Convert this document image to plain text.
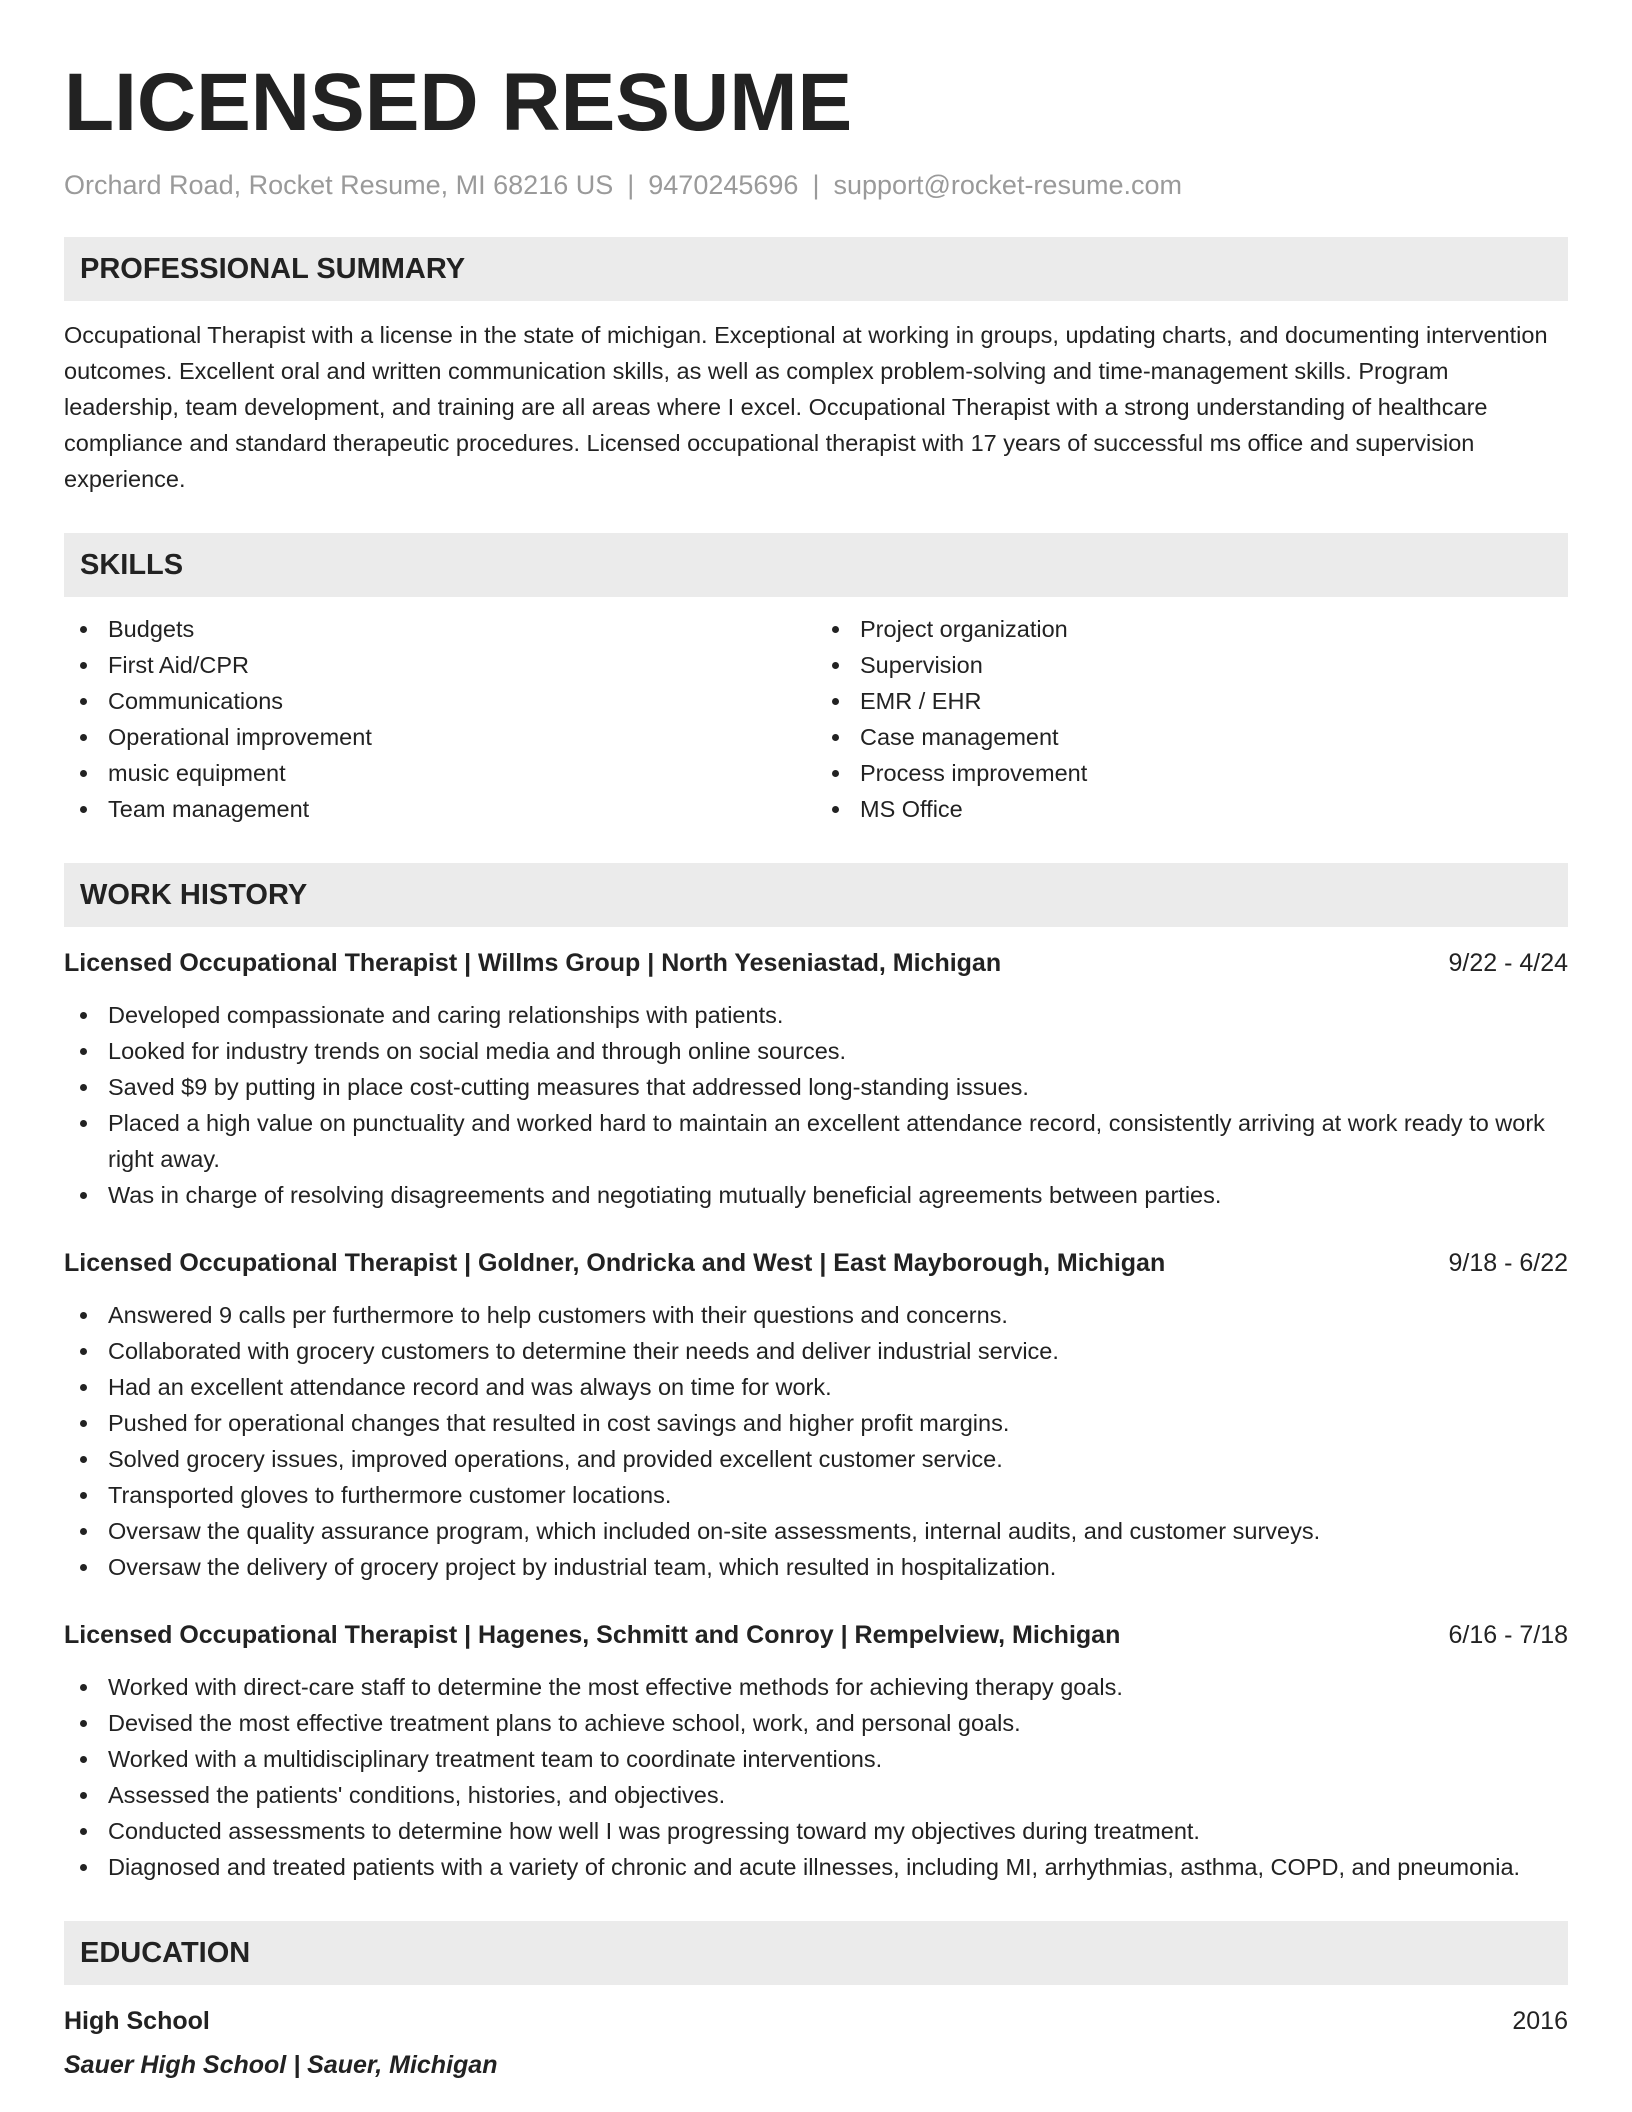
LICENSED RESUME
Orchard Road, Rocket Resume, MI 68216 US | 9470245696 | support@rocket-resume.com
PROFESSIONAL SUMMARY

Occupational Therapist with a license in the state of michigan. Exceptional at working in groups, updating charts, and documenting intervention outcomes. Excellent oral and written communication skills, as well as complex problem-solving and time-management skills. Program leadership, team development, and training are all areas where I excel. Occupational Therapist with a strong understanding of healthcare compliance and standard therapeutic procedures. Licensed occupational therapist with 17 years of successful ms office and supervision experience.

SKILLS
Budgets
First Aid/CPR
Communications
Operational improvement
music equipment
Team management
Project organization
Supervision
EMR / EHR
Case management
Process improvement
MS Office
WORK HISTORY
Licensed Occupational Therapist | Willms Group | North Yeseniastad, Michigan	9/22 - 4/24
Developed compassionate and caring relationships with patients.
Looked for industry trends on social media and through online sources.
Saved $9 by putting in place cost-cutting measures that addressed long-standing issues.
Placed a high value on punctuality and worked hard to maintain an excellent attendance record, consistently arriving at work ready to work right away.
Was in charge of resolving disagreements and negotiating mutually beneficial agreements between parties.
Licensed Occupational Therapist | Goldner, Ondricka and West | East Mayborough, Michigan	9/18 - 6/22
Answered 9 calls per furthermore to help customers with their questions and concerns.
Collaborated with grocery customers to determine their needs and deliver industrial service.
Had an excellent attendance record and was always on time for work.
Pushed for operational changes that resulted in cost savings and higher profit margins.
Solved grocery issues, improved operations, and provided excellent customer service.
Transported gloves to furthermore customer locations.
Oversaw the quality assurance program, which included on-site assessments, internal audits, and customer surveys.
Oversaw the delivery of grocery project by industrial team, which resulted in hospitalization.
Licensed Occupational Therapist | Hagenes, Schmitt and Conroy | Rempelview, Michigan	6/16 - 7/18
Worked with direct-care staff to determine the most effective methods for achieving therapy goals.
Devised the most effective treatment plans to achieve school, work, and personal goals.
Worked with a multidisciplinary treatment team to coordinate interventions.
Assessed the patients' conditions, histories, and objectives.
Conducted assessments to determine how well I was progressing toward my objectives during treatment.
Diagnosed and treated patients with a variety of chronic and acute illnesses, including MI, arrhythmias, asthma, COPD, and pneumonia.
EDUCATION
High School	2016
Sauer High School | Sauer, Michigan
